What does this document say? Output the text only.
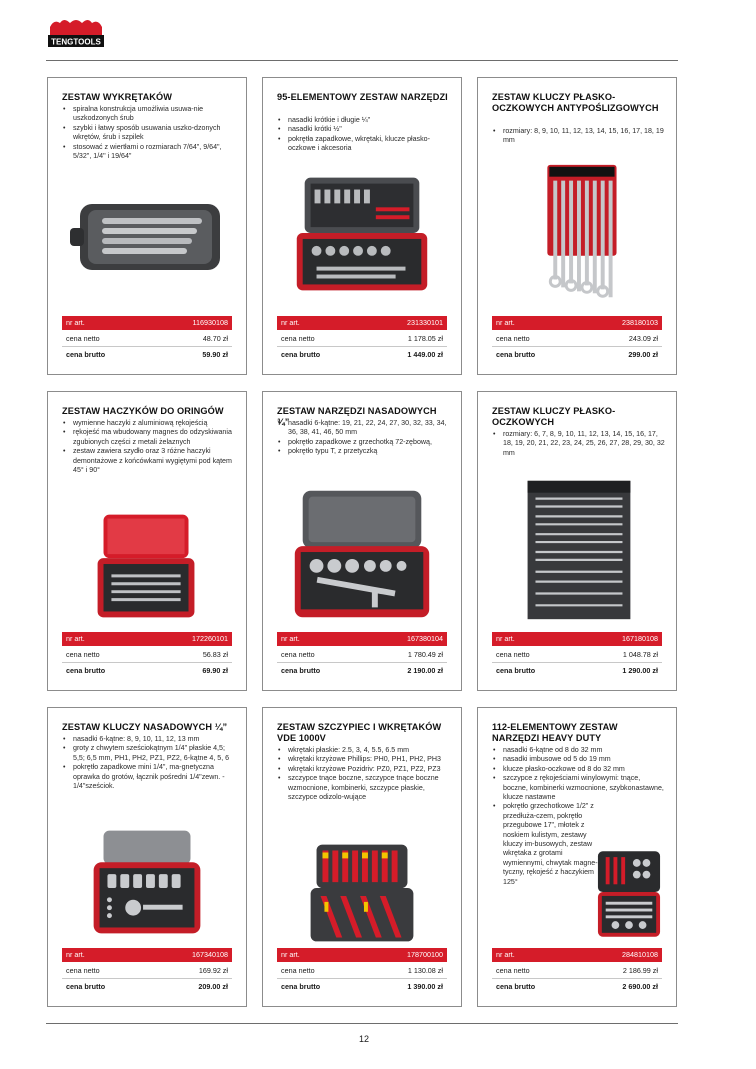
TENGTOOLS
ZESTAW WYKRĘTAKÓW
• spiralna konstrukcja umożliwia usuwa-nie uszkodzonych śrub
• szybki i łatwy sposób usuwania uszko-dzonych wkrętów, śrub i szpilek
• stosować z wiertłami o rozmiarach 7/64", 9/64", 5/32", 1/4" i 19/64"
nr art.	116930108
cena netto	48.70 zł
cena brutto	59.90 zł
95-ELEMENTOWY ZESTAW NARZĘDZI
• nasadki krótkie i długie ¼"
• nasadki krótki ½"
• pokrętła zapadkowe, wkrętaki, klucze płasko-oczkowe i akcesoria
nr art.	231330101
cena netto	1 178.05 zł
cena brutto	1 449.00 zł
ZESTAW KLUCZY PŁASKO-OCZKOWYCH ANTYPOŚLIZGOWYCH
• rozmiary: 8, 9, 10, 11, 12, 13, 14, 15, 16, 17, 18, 19 mm
nr art.	238180103
cena netto	243.09 zł
cena brutto	299.00 zł
ZESTAW HACZYKÓW DO ORINGÓW
• wymienne haczyki z aluminiową rękojeścią
• rękojeść ma wbudowany magnes do odzyskiwania zgubionych części z metali żelaznych
• zestaw zawiera szydło oraz 3 różne haczyki demontażowe z końcówkami wygiętymi pod kątem 45° i 90°
nr art.	172260101
cena netto	56.83 zł
cena brutto	69.90 zł
ZESTAW NARZĘDZI NASADOWYCH ¾”
• nasadki 6-kątne: 19, 21, 22, 24, 27, 30, 32, 33, 34, 36, 38, 41, 46, 50 mm
• pokrętło zapadkowe z grzechotką 72-zębową,
• pokrętło typu T, z przetyczką
nr art.	167380104
cena netto	1 780.49 zł
cena brutto	2 190.00 zł
ZESTAW KLUCZY PŁASKO-OCZKOWYCH
• rozmiary: 6, 7, 8, 9, 10, 11, 12, 13, 14, 15, 16, 17, 18, 19, 20, 21, 22, 23, 24, 25, 26, 27, 28, 29, 30, 32 mm
nr art.	167180108
cena netto	1 048.78 zł
cena brutto	1 290.00 zł
ZESTAW KLUCZY NASADOWYCH ¼”
• nasadki 6-kątne: 8, 9, 10, 11, 12, 13 mm
• groty z chwytem sześciokątnym 1/4" płaskie 4,5; 5,5; 6,5 mm, PH1, PH2, PZ1, PZ2, 6-kątne 4, 5, 6
• pokrętło zapadkowe mini 1/4", ma-gnetyczna oprawka do grotów, łącznik pośredni 1/4"zewn. - 1/4"sześciok.
nr art.	167340108
cena netto	169.92 zł
cena brutto	209.00 zł
ZESTAW SZCZYPIEC I WKRĘTAKÓW VDE 1000V
• wkrętaki płaskie: 2.5, 3, 4, 5.5, 6.5 mm
• wkrętaki krzyżowe Phillips: PH0, PH1, PH2, PH3
• wkrętaki krzyżowe Pozidriv: PZ0, PZ1, PZ2, PZ3
• szczypce tnące boczne, szczypce tnące boczne wzmocnione, kombinerki, szczypce płaskie, szczypce odizolo-wujące
nr art.	178700100
cena netto	1 130.08 zł
cena brutto	1 390.00 zł
112-ELEMENTOWY ZESTAW NARZĘDZI HEAVY DUTY
• nasadki 6-kątne od 8 do 32 mm
• nasadki imbusowe od 5 do 19 mm
• klucze płasko-oczkowe od 8 do 32 mm
• szczypce z rękojeściami winylowymi: tnące, boczne, kombinerki wzmocnione, szybkonastawne, klucze nastawne
• pokrętło grzechotkowe 1/2" z przedłuża-czem, pokrętło przegubowe 17", młotek z noskiem kulistym, zestawy kluczy im-busowych, zestaw wkrętaka z grotami wymiennymi, chwytak magne-tyczny, rękojeść z haczykiem 125°
nr art.	284810108
cena netto	2 186.99 zł
cena brutto	2 690.00 zł
12
